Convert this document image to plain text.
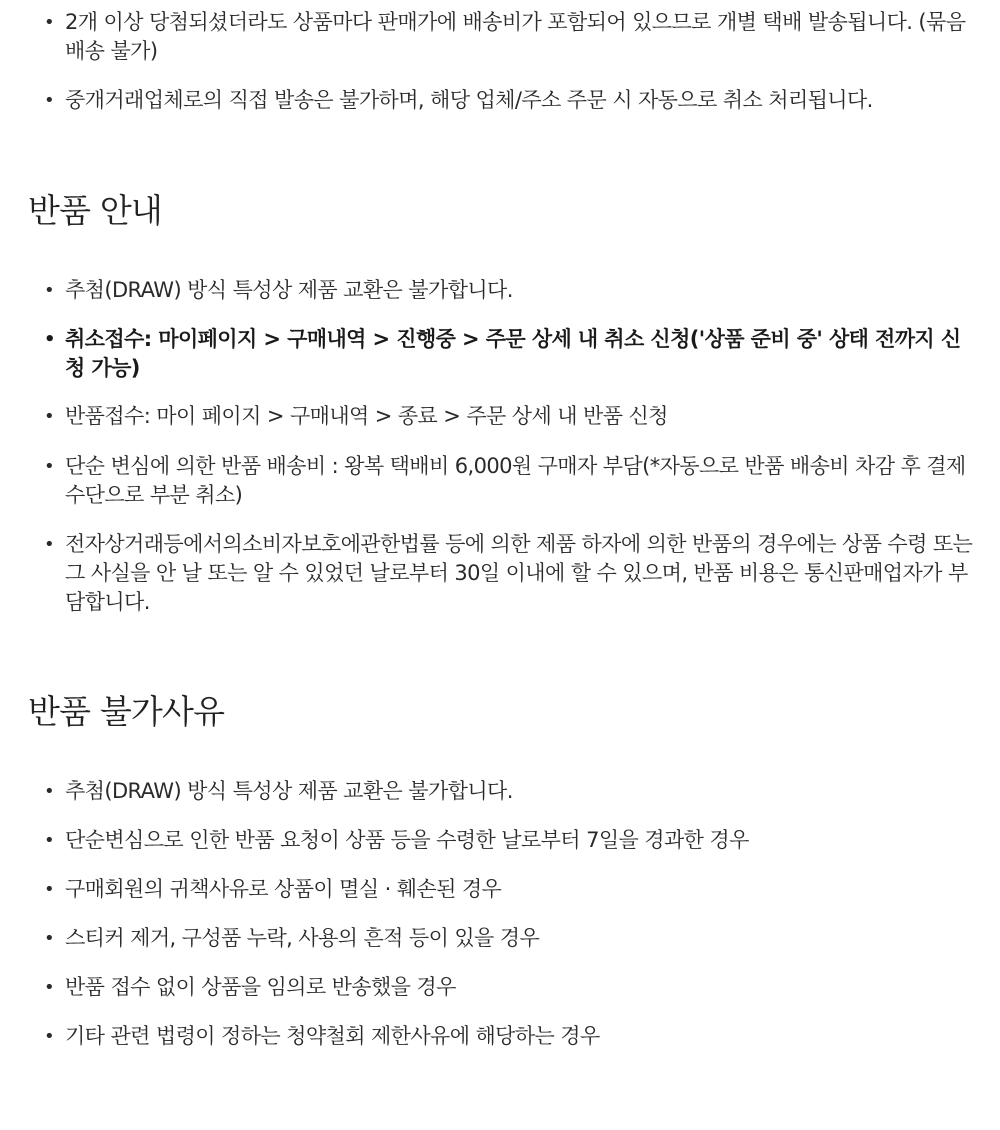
• 2개 이상 당첨되셨더라도 상품마다 판매가에 배송비가 포함되어 있으므로 개별 택배 발송됩니다. (묶음 배송 불가)
• 중개거래업체로의 직접 발송은 불가하며, 해당 업체/주소 주문 시 자동으로 취소 처리됩니다.
반품 안내
• 추첨(DRAW) 방식 특성상 제품 교환은 불가합니다.
• 취소접수: 마이페이지 > 구매내역 > 진행중 > 주문 상세 내 취소 신청('상품 준비 중' 상태 전까지 신청 가능)
• 반품접수: 마이 페이지 > 구매내역 > 종료 > 주문 상세 내 반품 신청
• 단순 변심에 의한 반품 배송비 : 왕복 택배비 6,000원 구매자 부담(*자동으로 반품 배송비 차감 후 결제 수단으로 부분 취소)
• 전자상거래등에서의소비자보호에관한법률 등에 의한 제품 하자에 의한 반품의 경우에는 상품 수령 또는 그 사실을 안 날 또는 알 수 있었던 날로부터 30일 이내에 할 수 있으며, 반품 비용은 통신판매업자가 부담합니다.
반품 불가사유
• 추첨(DRAW) 방식 특성상 제품 교환은 불가합니다.
• 단순변심으로 인한 반품 요청이 상품 등을 수령한 날로부터 7일을 경과한 경우
• 구매회원의 귀책사유로 상품이 멸실 · 훼손된 경우
• 스티커 제거, 구성품 누락, 사용의 흔적 등이 있을 경우
• 반품 접수 없이 상품을 임의로 반송했을 경우
• 기타 관련 법령이 정하는 청약철회 제한사유에 해당하는 경우
